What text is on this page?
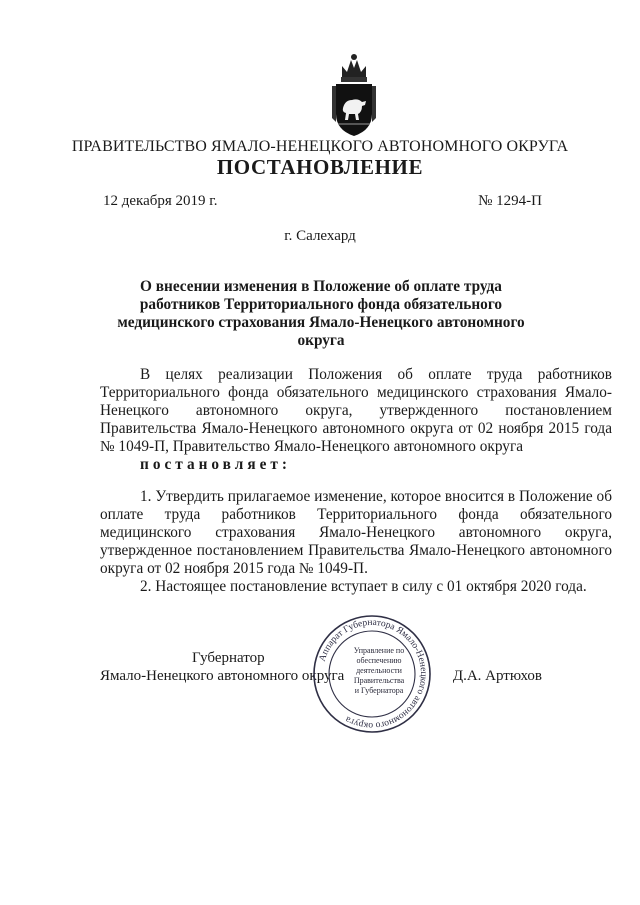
ПРАВИТЕЛЬСТВО ЯМАЛО-НЕНЕЦКОГО АВТОНОМНОГО ОКРУГА
ПОСТАНОВЛЕНИЕ
12 декабря 2019 г.	№ 1294-П
г. Салехард
О внесении изменения в Положение об оплате труда работников Территориального фонда обязательного медицинского страхования Ямало-Ненецкого автономного округа

В целях реализации Положения об оплате труда работников Территориального фонда обязательного медицинского страхования Ямало-Ненецкого автономного округа, утвержденного постановлением Правительства Ямало-Ненецкого автономного округа от 02 ноября 2015 года № 1049-П, Правительство Ямало-Ненецкого автономного округа
постановляет:

1. Утвердить прилагаемое изменение, которое вносится в Положение об оплате труда работников Территориального фонда обязательного медицинского страхования Ямало-Ненецкого автономного округа, утвержденное постановлением Правительства Ямало-Ненецкого автономного округа от 02 ноября 2015 года № 1049-П.

2. Настоящее постановление вступает в силу с 01 октября 2020 года.

Губернатор
Ямало-Ненецкого автономного округа	Д.А. Артюхов
Аппарат Губернатора Ямало-Ненецкого автономного округа
Управление по
обеспечению
деятельности
Правительства
и Губернатора
